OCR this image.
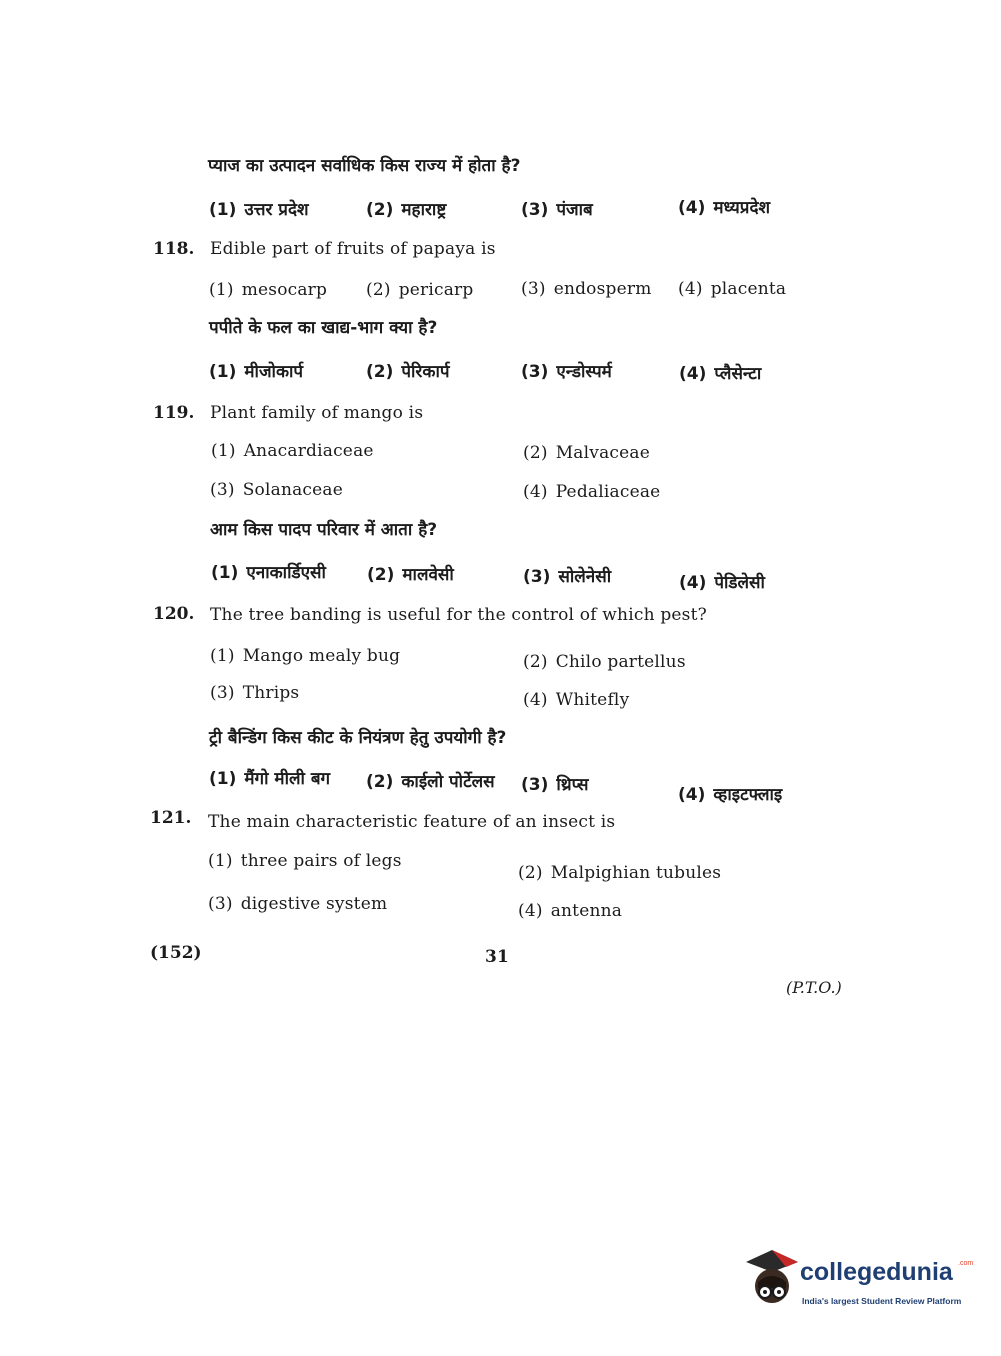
प्याज का उत्पादन सर्वाधिक किस राज्य में होता है?
(1) उत्तर प्रदेश	(2) महाराष्ट्र	(3) पंजाब	(4) मध्यप्रदेश
118. Edible part of fruits of papaya is
(1) mesocarp (2) pericarp	(3) endosperm (4) placenta
पपीते के फल का खाद्य-भाग क्या है?
(1) मीजोकार्प	(2) पेरिकार्प	(3) एन्डोस्पर्म	(4) प्लैसेन्टा
119. Plant family of mango is
(1) Anacardiaceae	(2) Malvaceae
(3) Solanaceae	(4) Pedaliaceae
आम किस पादप परिवार में आता है?
(1) एनाकार्डिएसी (2) मालवेसी	(3) सोलेनेसी	(4) पेडिलेसी
120. The tree banding is useful for the control of which pest?
(1) Mango mealy bug	(2) Chilo partellus
(3) Thrips	(4) Whitefly
ट्री बैन्डिंग किस कीट के नियंत्रण हेतु उपयोगी है?
(1) मैंगो मीली बग (2) काईलो पोर्टेलस (3) थ्रिप्स	(4) व्हाइटफ्लाइ
121. The main characteristic feature of an insect is
(1) three pairs of legs
(2) Malpighian tubules
(3) digestive system	(4) antenna
(152)	31
(P.T.O.)
collegedunia .com
India's largest Student Review Platform
